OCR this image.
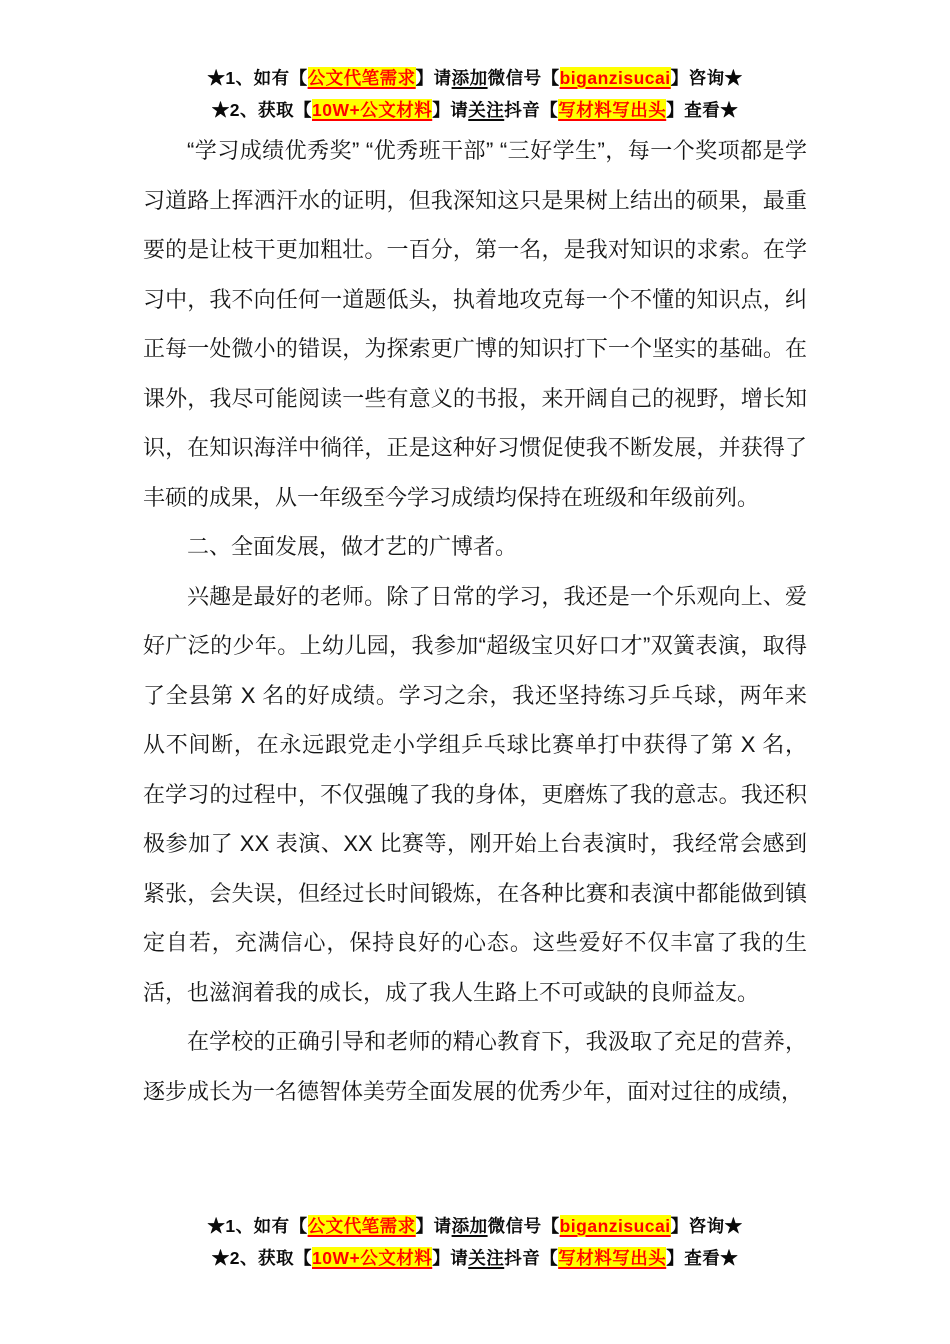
★1、如有【公文代笔需求】请添加微信号【biganzisucai】咨询★
★2、获取【10W+公文材料】请关注抖音【写材料写出头】查看★

“学习成绩优秀奖” “优秀班干部” “三好学生”，每一个奖项都是学习道路上挥洒汗水的证明，但我深知这只是果树上结出的硕果，最重要的是让枝干更加粗壮。一百分，第一名，是我对知识的求索。在学习中，我不向任何一道题低头，执着地攻克每一个不懂的知识点，纠正每一处微小的错误，为探索更广博的知识打下一个坚实的基础。在课外，我尽可能阅读一些有意义的书报，来开阔自己的视野，增长知识，在知识海洋中徜徉，正是这种好习惯促使我不断发展，并获得了丰硕的成果，从一年级至今学习成绩均保持在班级和年级前列。

二、全面发展，做才艺的广博者。

兴趣是最好的老师。除了日常的学习，我还是一个乐观向上、爱好广泛的少年。上幼儿园，我参加“超级宝贝好口才”双簧表演，取得了全县第 X 名的好成绩。学习之余，我还坚持练习乒乓球，两年来从不间断，在永远跟党走小学组乒乓球比赛单打中获得了第 X 名，在学习的过程中，不仅强魄了我的身体，更磨炼了我的意志。我还积极参加了 XX 表演、XX 比赛等，刚开始上台表演时，我经常会感到紧张，会失误，但经过长时间锻炼，在各种比赛和表演中都能做到镇定自若，充满信心，保持良好的心态。这些爱好不仅丰富了我的生活，也滋润着我的成长，成了我人生路上不可或缺的良师益友。

在学校的正确引导和老师的精心教育下，我汲取了充足的营养，逐步成长为一名德智体美劳全面发展的优秀少年，面对过往的成绩，

★1、如有【公文代笔需求】请添加微信号【biganzisucai】咨询★
★2、获取【10W+公文材料】请关注抖音【写材料写出头】查看★
